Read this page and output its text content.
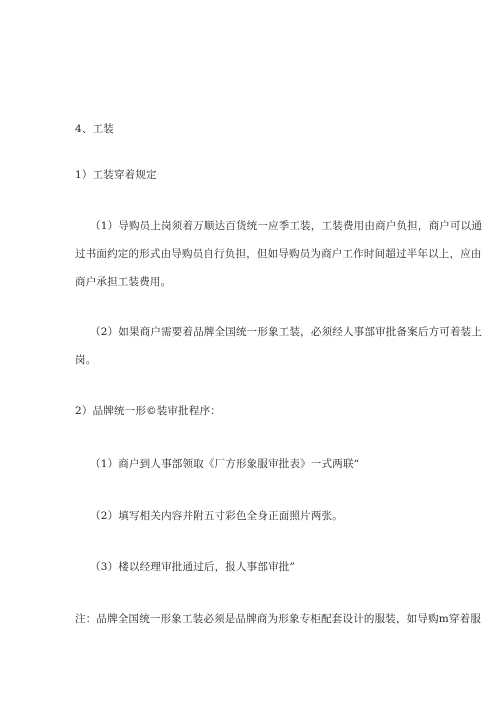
4、工装
1）工装穿着规定
（1）导购员上岗须着万顺达百货统一应季工装，工装费用由商户负担，商户可以通
过书面约定的形式由导购员自行负担，但如导购员为商户工作时间超过半年以上，应由
商户承担工装费用。
（2）如果商户需要着品牌全国统一形象工装，必须经人事部审批备案后方可着装上
岗。
2）品牌统一形©装审批程序：
（1）商户到人事部领取《厂方形象服审批表》一式两联“
（2）填写相关内容并附五寸彩色全身正面照片两张。
（3）楼以经理审批通过后，报人事部审批”
注：品牌全国统一形象工装必须是品牌商为形象专柜配套设计的服装，如导购m穿着服
